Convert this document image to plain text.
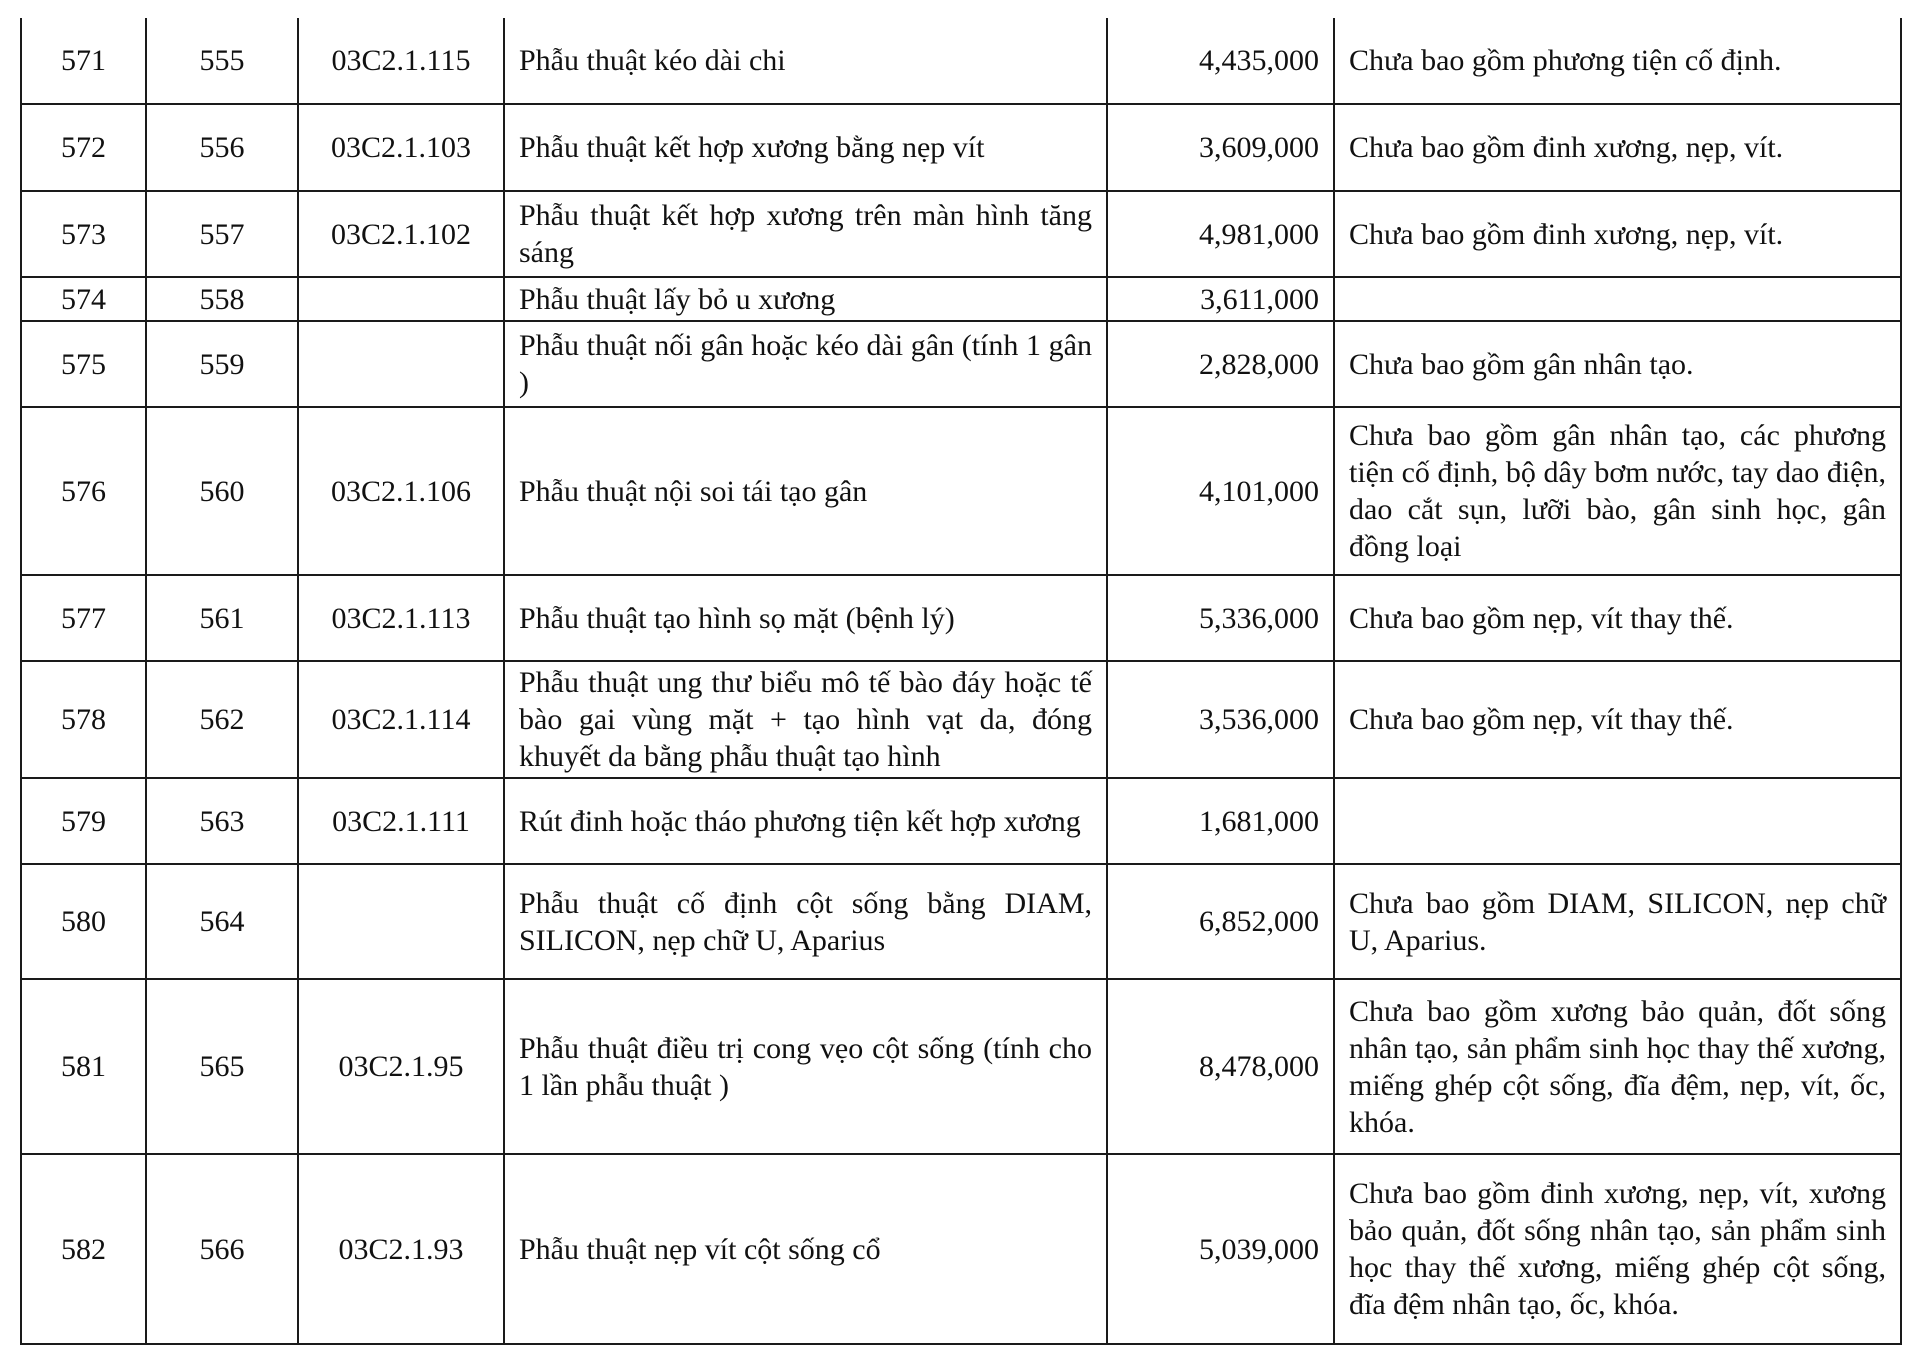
571	555	03C2.1.115	Phẫu thuật kéo dài chi	4,435,000	Chưa bao gồm phương tiện cố định.
572	556	03C2.1.103	Phẫu thuật kết hợp xương bằng nẹp vít	3,609,000	Chưa bao gồm đinh xương, nẹp, vít.
573	557	03C2.1.102	Phẫu thuật kết hợp xương trên màn hình tăng sáng	4,981,000	Chưa bao gồm đinh xương, nẹp, vít.
574	558		Phẫu thuật lấy bỏ u xương	3,611,000	
575	559		Phẫu thuật nối gân hoặc kéo dài gân (tính 1 gân )	2,828,000	Chưa bao gồm gân nhân tạo.
576	560	03C2.1.106	Phẫu thuật nội soi tái tạo gân	4,101,000	Chưa bao gồm gân nhân tạo, các phương tiện cố định, bộ dây bơm nước, tay dao điện, dao cắt sụn, lưỡi bào, gân sinh học, gân đồng loại
577	561	03C2.1.113	Phẫu thuật tạo hình sọ mặt (bệnh lý)	5,336,000	Chưa bao gồm nẹp, vít thay thế.
578	562	03C2.1.114	Phẫu thuật ung thư biểu mô tế bào đáy hoặc tế bào gai vùng mặt + tạo hình vạt da, đóng khuyết da bằng phẫu thuật tạo hình	3,536,000	Chưa bao gồm nẹp, vít thay thế.
579	563	03C2.1.111	Rút đinh hoặc tháo phương tiện kết hợp xương	1,681,000	
580	564		Phẫu thuật cố định cột sống bằng DIAM, SILICON, nẹp chữ U, Aparius	6,852,000	Chưa bao gồm DIAM, SILICON, nẹp chữ U, Aparius.
581	565	03C2.1.95	Phẫu thuật điều trị cong vẹo cột sống (tính cho 1 lần phẫu thuật )	8,478,000	Chưa bao gồm xương bảo quản, đốt sống nhân tạo, sản phẩm sinh học thay thế xương, miếng ghép cột sống, đĩa đệm, nẹp, vít, ốc, khóa.
582	566	03C2.1.93	Phẫu thuật nẹp vít cột sống cổ	5,039,000	Chưa bao gồm đinh xương, nẹp, vít, xương bảo quản, đốt sống nhân tạo, sản phẩm sinh học thay thế xương, miếng ghép cột sống, đĩa đệm nhân tạo, ốc, khóa.
